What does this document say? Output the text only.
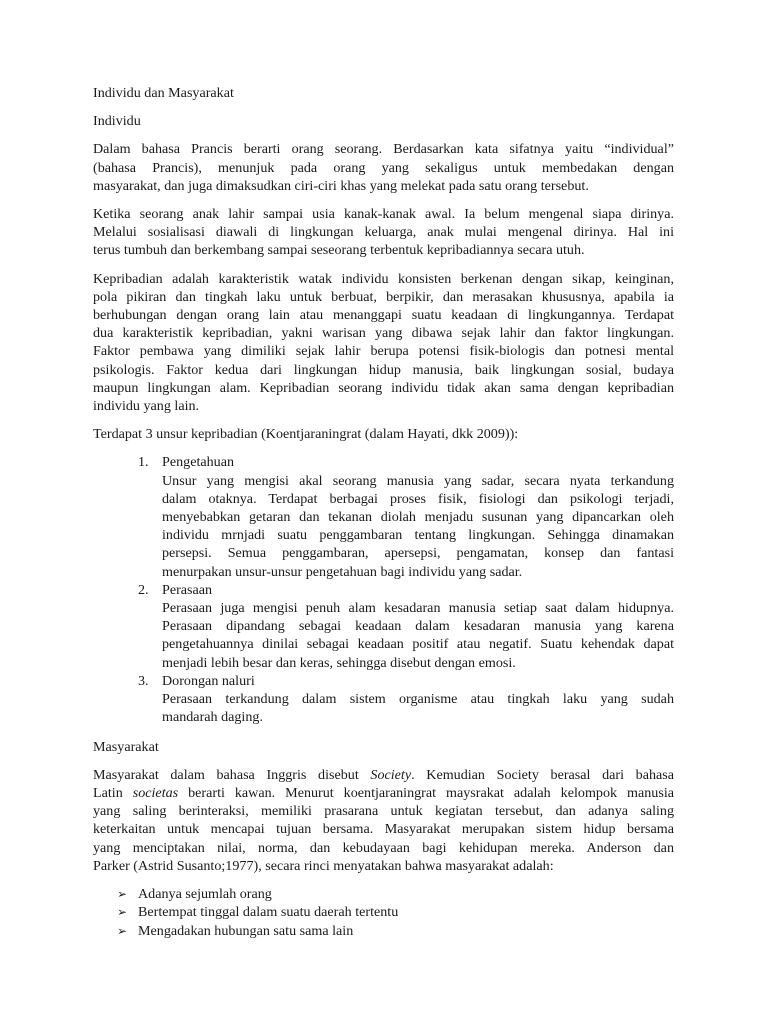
Individu dan Masyarakat
Individu
Dalam bahasa Prancis berarti orang seorang. Berdasarkan kata sifatnya yaitu “individual”
(bahasa Prancis), menunjuk pada orang yang sekaligus untuk membedakan dengan
masyarakat, dan juga dimaksudkan ciri-ciri khas yang melekat pada satu orang tersebut.
Ketika seorang anak lahir sampai usia kanak-kanak awal. Ia belum mengenal siapa dirinya.
Melalui sosialisasi diawali di lingkungan keluarga, anak mulai mengenal dirinya. Hal ini
terus tumbuh dan berkembang sampai seseorang terbentuk kepribadiannya secara utuh.
Kepribadian adalah karakteristik watak individu konsisten berkenan dengan sikap, keinginan,
pola pikiran dan tingkah laku untuk berbuat, berpikir, dan merasakan khususnya, apabila ia
berhubungan dengan orang lain atau menanggapi suatu keadaan di lingkungannya. Terdapat
dua karakteristik kepribadian, yakni warisan yang dibawa sejak lahir dan faktor lingkungan.
Faktor pembawa yang dimiliki sejak lahir berupa potensi fisik-biologis dan potnesi mental
psikologis. Faktor kedua dari lingkungan hidup manusia, baik lingkungan sosial, budaya
maupun lingkungan alam. Kepribadian seorang individu tidak akan sama dengan kepribadian
individu yang lain.
Terdapat 3 unsur kepribadian (Koentjaraningrat (dalam Hayati, dkk 2009)):
1. Pengetahuan
Unsur yang mengisi akal seorang manusia yang sadar, secara nyata terkandung
dalam otaknya. Terdapat berbagai proses fisik, fisiologi dan psikologi terjadi,
menyebabkan getaran dan tekanan diolah menjadu susunan yang dipancarkan oleh
individu mrnjadi suatu penggambaran tentang lingkungan. Sehingga dinamakan
persepsi. Semua penggambaran, apersepsi, pengamatan, konsep dan fantasi
menurpakan unsur-unsur pengetahuan bagi individu yang sadar.
2. Perasaan
Perasaan juga mengisi penuh alam kesadaran manusia setiap saat dalam hidupnya.
Perasaan dipandang sebagai keadaan dalam kesadaran manusia yang karena
pengetahuannya dinilai sebagai keadaan positif atau negatif. Suatu kehendak dapat
menjadi lebih besar dan keras, sehingga disebut dengan emosi.
3. Dorongan naluri
Perasaan terkandung dalam sistem organisme atau tingkah laku yang sudah
mandarah daging.
Masyarakat
Masyarakat dalam bahasa Inggris disebut Society. Kemudian Society berasal dari bahasa
Latin societas berarti kawan. Menurut koentjaraningrat maysrakat adalah kelompok manusia
yang saling berinteraksi, memiliki prasarana untuk kegiatan tersebut, dan adanya saling
keterkaitan untuk mencapai tujuan bersama. Masyarakat merupakan sistem hidup bersama
yang menciptakan nilai, norma, dan kebudayaan bagi kehidupan mereka. Anderson dan
Parker (Astrid Susanto;1977), secara rinci menyatakan bahwa masyarakat adalah:
➢ Adanya sejumlah orang
➢ Bertempat tinggal dalam suatu daerah tertentu
➢ Mengadakan hubungan satu sama lain
